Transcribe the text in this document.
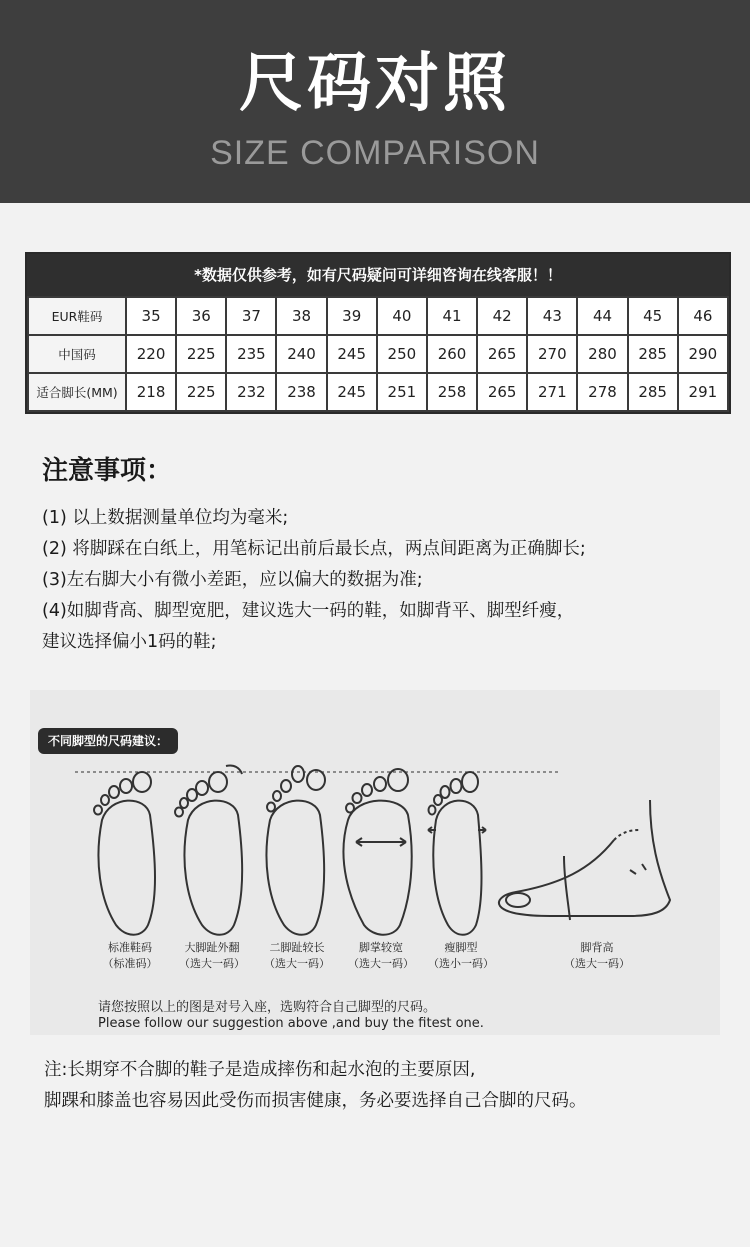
尺码对照
SIZE COMPARISON
*数据仅供参考，如有尺码疑问可详细咨询在线客服！！
EUR鞋码	35	36	37	38	39	40	41	42	43	44	45	46
中国码	220	225	235	240	245	250	260	265	270	280	285	290
适合脚长(MM)	218	225	232	238	245	251	258	265	271	278	285	291
注意事项：
(1) 以上数据测量单位均为毫米;
(2) 将脚踩在白纸上，用笔标记出前后最长点，两点间距离为正确脚长;
(3)左右脚大小有微小差距，应以偏大的数据为准;
(4)如脚背高、脚型宽肥，建议选大一码的鞋，如脚背平、脚型纤瘦，
建议选择偏小1码的鞋;
不同脚型的尺码建议：
标准鞋码
（标准码）
大脚趾外翻
（选大一码）
二脚趾较长
（选大一码）
脚掌较宽
（选大一码）
瘦脚型
（选小一码）
脚背高
（选大一码）
请您按照以上的图是对号入座，选购符合自己脚型的尺码。
Please follow our suggestion above ,and buy the fitest one.
注:长期穿不合脚的鞋子是造成摔伤和起水泡的主要原因,
脚踝和膝盖也容易因此受伤而损害健康，务必要选择自己合脚的尺码。
